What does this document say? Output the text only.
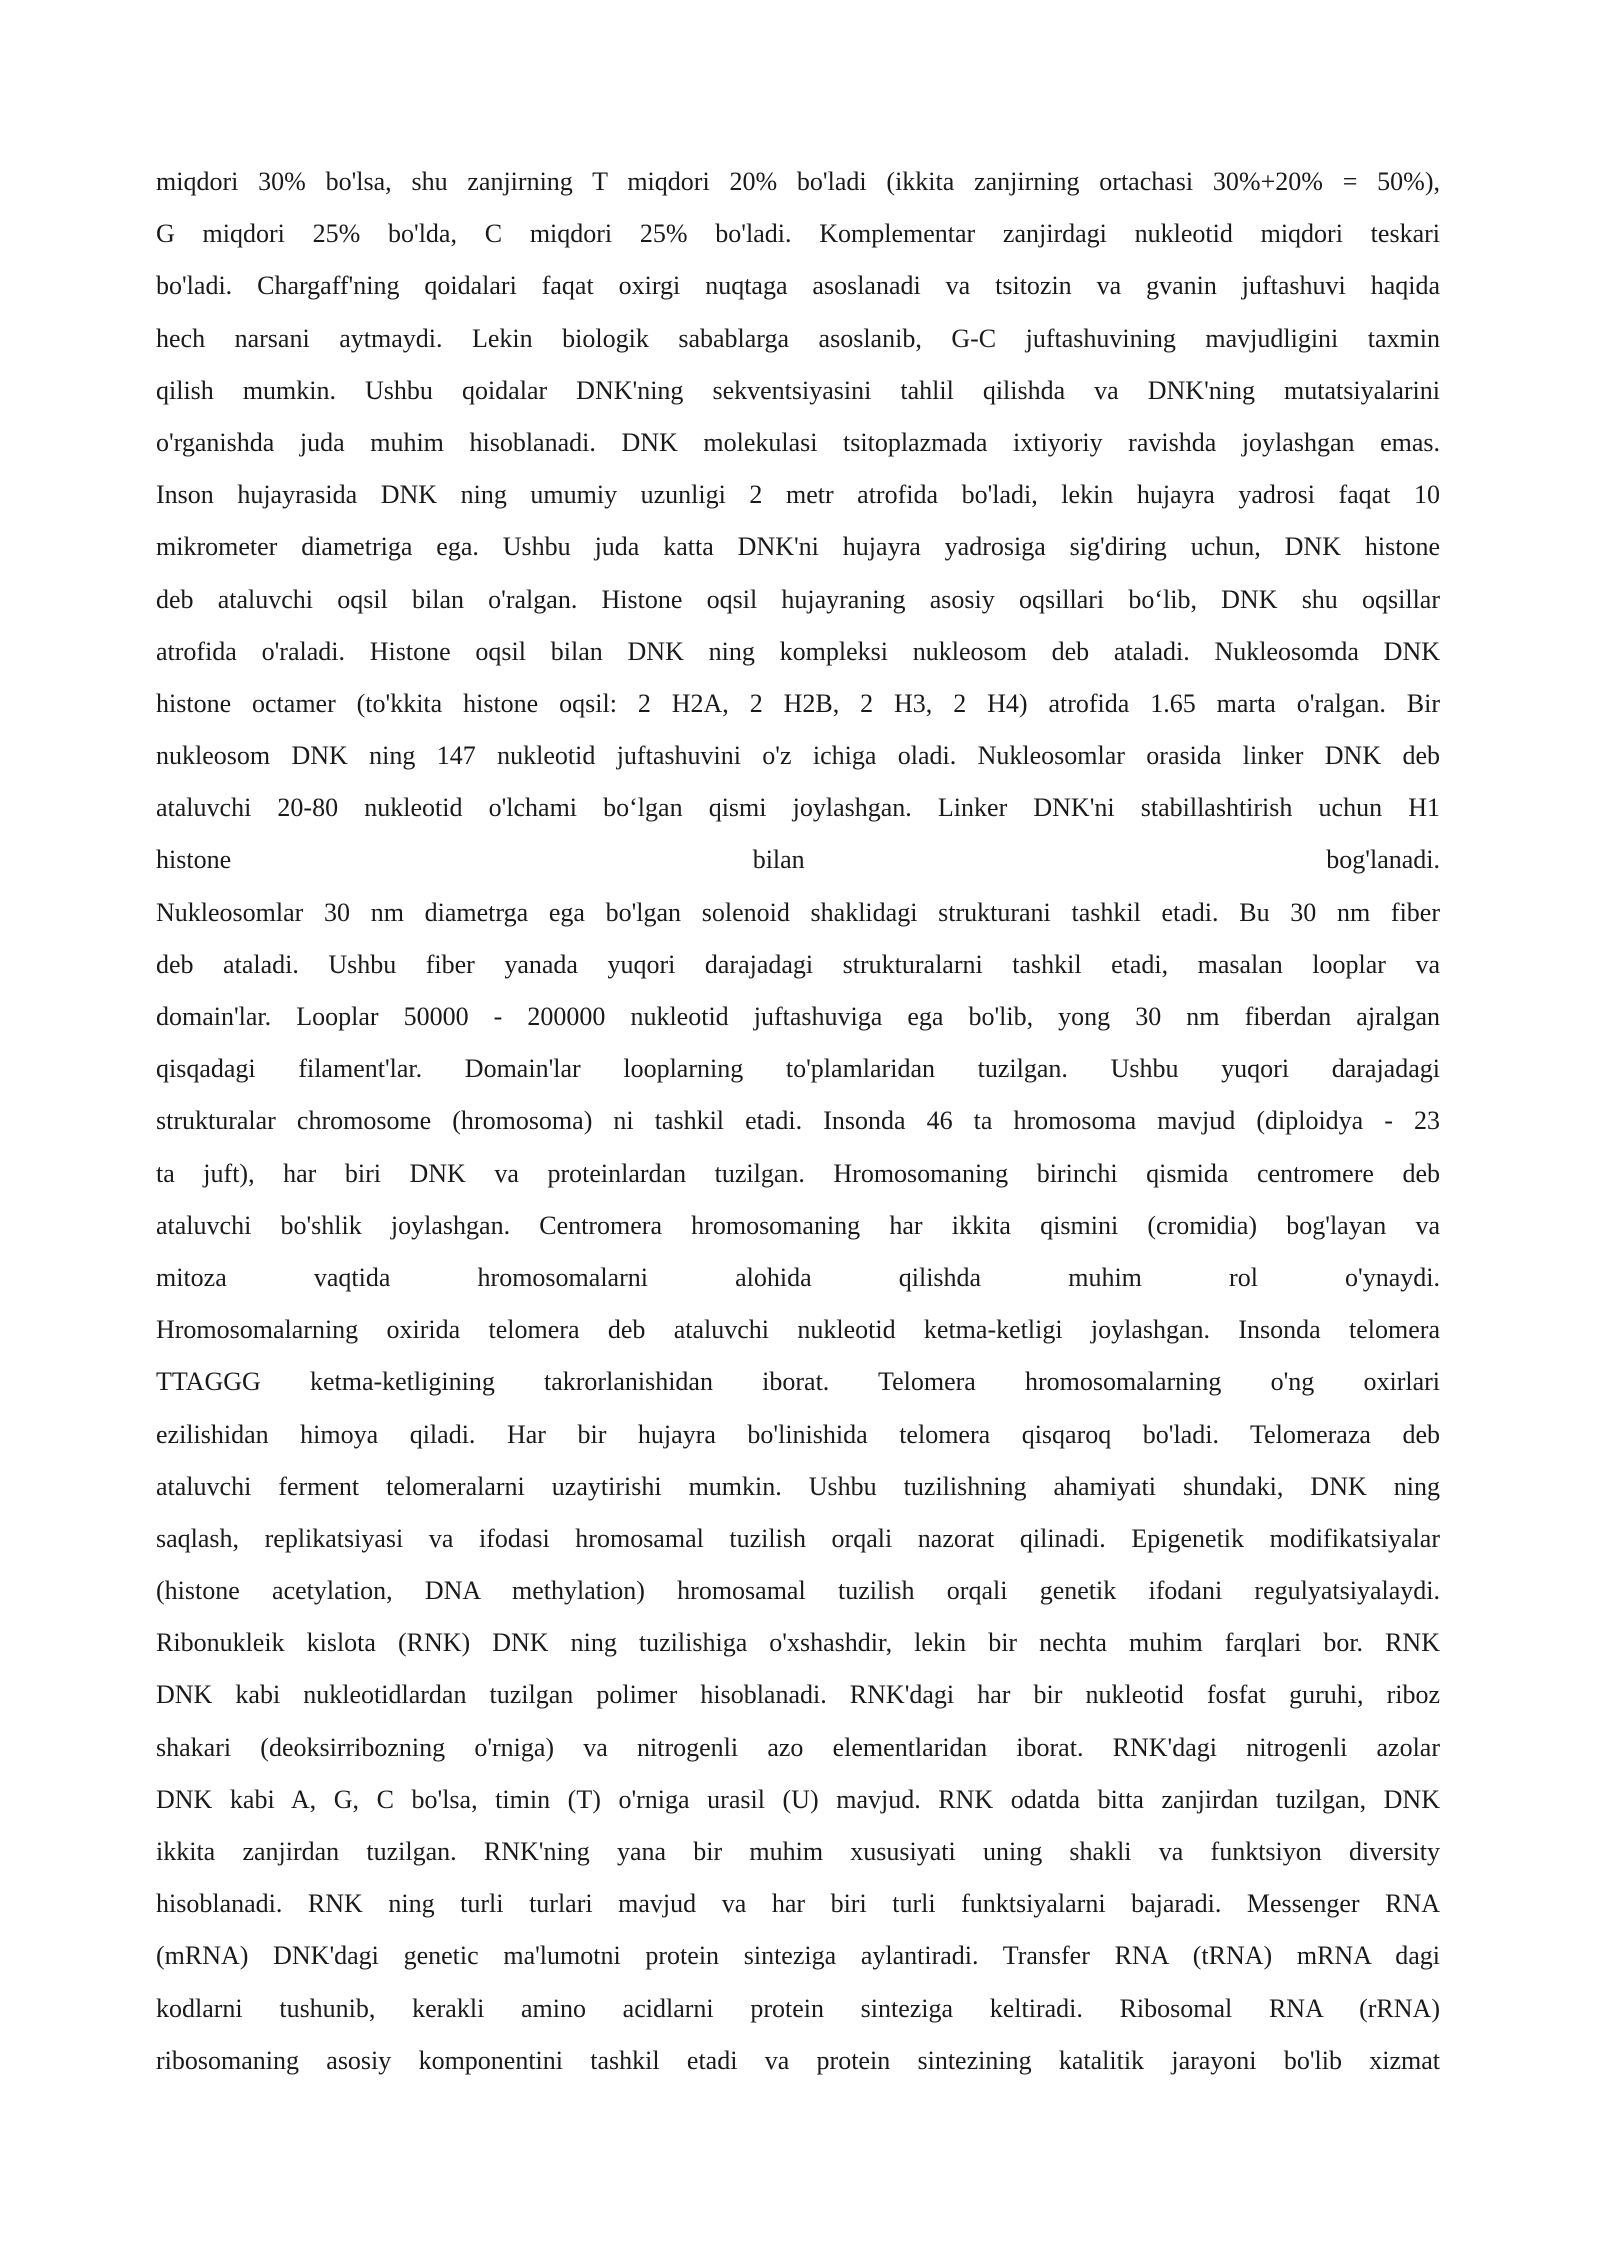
miqdori 30% bo'lsa, shu zanjirning T miqdori 20% bo'ladi (ikkita zanjirning ortachasi 30%+20% = 50%),
G miqdori 25% bo'lda, C miqdori 25% bo'ladi. Komplementar zanjirdagi nukleotid miqdori teskari
bo'ladi. Chargaff'ning qoidalari faqat oxirgi nuqtaga asoslanadi va tsitozin va gvanin juftashuvi haqida
hech narsani aytmaydi. Lekin biologik sabablarga asoslanib, G-C juftashuvining mavjudligini taxmin
qilish mumkin. Ushbu qoidalar DNK'ning sekventsiyasini tahlil qilishda va DNK'ning mutatsiyalarini
o'rganishda juda muhim hisoblanadi. DNK molekulasi tsitoplazmada ixtiyoriy ravishda joylashgan emas.
Inson hujayrasida DNK ning umumiy uzunligi 2 metr atrofida bo'ladi, lekin hujayra yadrosi faqat 10
mikrometer diametriga ega. Ushbu juda katta DNK'ni hujayra yadrosiga sig'diring uchun, DNK histone
deb ataluvchi oqsil bilan o'ralgan. Histone oqsil hujayraning asosiy oqsillari bo‘lib, DNK shu oqsillar
atrofida o'raladi. Histone oqsil bilan DNK ning kompleksi nukleosom deb ataladi. Nukleosomda DNK
histone octamer (to'kkita histone oqsil: 2 H2A, 2 H2B, 2 H3, 2 H4) atrofida 1.65 marta o'ralgan. Bir
nukleosom DNK ning 147 nukleotid juftashuvini o'z ichiga oladi. Nukleosomlar orasida linker DNK deb
ataluvchi 20-80 nukleotid o'lchami bo‘lgan qismi joylashgan. Linker DNK'ni stabillashtirish uchun H1
histone bilan bog'lanadi.
Nukleosomlar 30 nm diametrga ega bo'lgan solenoid shaklidagi strukturani tashkil etadi. Bu 30 nm fiber
deb ataladi. Ushbu fiber yanada yuqori darajadagi strukturalarni tashkil etadi, masalan looplar va
domain'lar. Looplar 50000 - 200000 nukleotid juftashuviga ega bo'lib, yong 30 nm fiberdan ajralgan
qisqadagi filament'lar. Domain'lar looplarning to'plamlaridan tuzilgan. Ushbu yuqori darajadagi
strukturalar chromosome (hromosoma) ni tashkil etadi. Insonda 46 ta hromosoma mavjud (diploidya - 23
ta juft), har biri DNK va proteinlardan tuzilgan. Hromosomaning birinchi qismida centromere deb
ataluvchi bo'shlik joylashgan. Centromera hromosomaning har ikkita qismini (cromidia) bog'layan va
mitoza vaqtida hromosomalarni alohida qilishda muhim rol o'ynaydi.
Hromosomalarning oxirida telomera deb ataluvchi nukleotid ketma-ketligi joylashgan. Insonda telomera
TTAGGG ketma-ketligining takrorlanishidan iborat. Telomera hromosomalarning o'ng oxirlari
ezilishidan himoya qiladi. Har bir hujayra bo'linishida telomera qisqaroq bo'ladi. Telomeraza deb
ataluvchi ferment telomeralarni uzaytirishi mumkin. Ushbu tuzilishning ahamiyati shundaki, DNK ning
saqlash, replikatsiyasi va ifodasi hromosamal tuzilish orqali nazorat qilinadi. Epigenetik modifikatsiyalar
(histone acetylation, DNA methylation) hromosamal tuzilish orqali genetik ifodani regulyatsiyalaydi.
Ribonukleik kislota (RNK) DNK ning tuzilishiga o'xshashdir, lekin bir nechta muhim farqlari bor. RNK
DNK kabi nukleotidlardan tuzilgan polimer hisoblanadi. RNK'dagi har bir nukleotid fosfat guruhi, riboz
shakari (deoksirribozning o'rniga) va nitrogenli azo elementlaridan iborat. RNK'dagi nitrogenli azolar
DNK kabi A, G, C bo'lsa, timin (T) o'rniga urasil (U) mavjud. RNK odatda bitta zanjirdan tuzilgan, DNK
ikkita zanjirdan tuzilgan. RNK'ning yana bir muhim xususiyati uning shakli va funktsiyon diversity
hisoblanadi. RNK ning turli turlari mavjud va har biri turli funktsiyalarni bajaradi. Messenger RNA
(mRNA) DNK'dagi genetic ma'lumotni protein sinteziga aylantiradi. Transfer RNA (tRNA) mRNA dagi
kodlarni tushunib, kerakli amino acidlarni protein sinteziga keltiradi. Ribosomal RNA (rRNA)
ribosomaning asosiy komponentini tashkil etadi va protein sintezining katalitik jarayoni bo'lib xizmat
